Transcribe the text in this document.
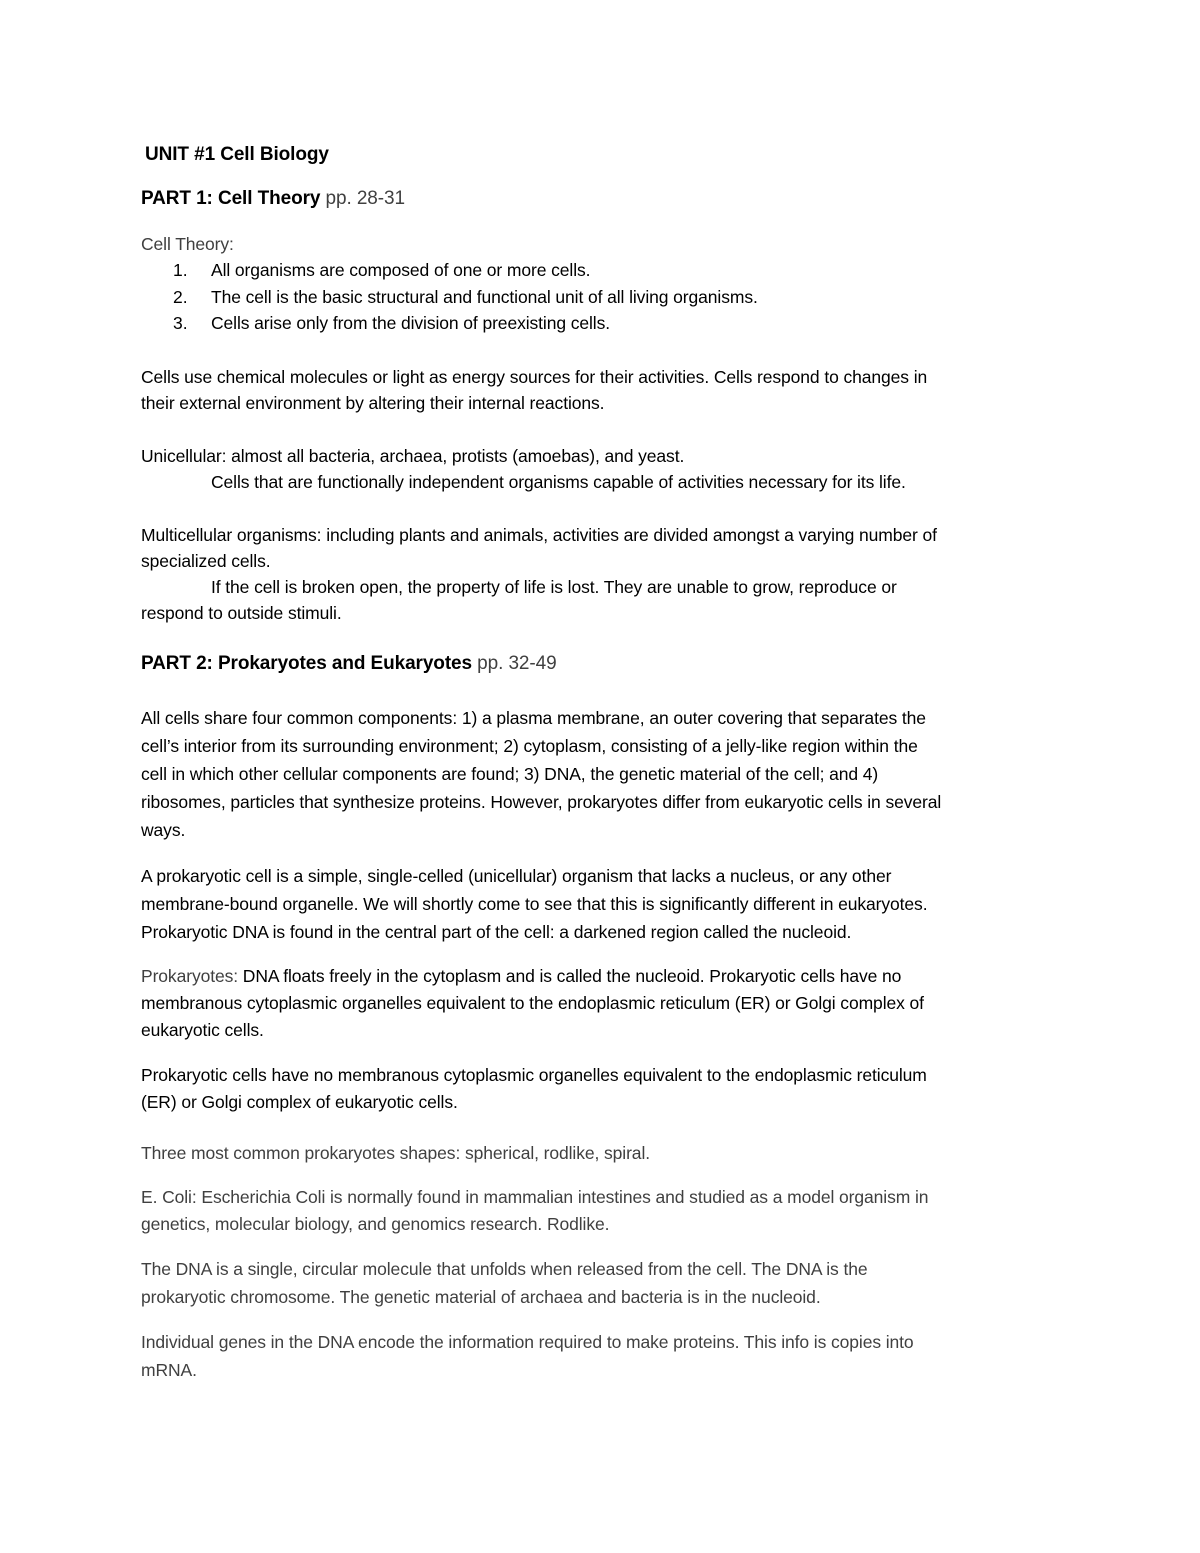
UNIT #1 Cell Biology
PART 1: Cell Theory pp. 28-31
Cell Theory:
1. All organisms are composed of one or more cells.
2. The cell is the basic structural and functional unit of all living organisms.
3. Cells arise only from the division of preexisting cells.
Cells use chemical molecules or light as energy sources for their activities. Cells respond to changes in
their external environment by altering their internal reactions.
Unicellular: almost all bacteria, archaea, protists (amoebas), and yeast.
Cells that are functionally independent organisms capable of activities necessary for its life.
Multicellular organisms: including plants and animals, activities are divided amongst a varying number of
specialized cells.
If the cell is broken open, the property of life is lost. They are unable to grow, reproduce or
respond to outside stimuli.
PART 2: Prokaryotes and Eukaryotes pp. 32-49
All cells share four common components: 1) a plasma membrane, an outer covering that separates the
cell’s interior from its surrounding environment; 2) cytoplasm, consisting of a jelly-like region within the
cell in which other cellular components are found; 3) DNA, the genetic material of the cell; and 4)
ribosomes, particles that synthesize proteins. However, prokaryotes differ from eukaryotic cells in several
ways.
A prokaryotic cell is a simple, single-celled (unicellular) organism that lacks a nucleus, or any other
membrane-bound organelle. We will shortly come to see that this is significantly different in eukaryotes.
Prokaryotic DNA is found in the central part of the cell: a darkened region called the nucleoid.
Prokaryotes: DNA floats freely in the cytoplasm and is called the nucleoid. Prokaryotic cells have no
membranous cytoplasmic organelles equivalent to the endoplasmic reticulum (ER) or Golgi complex of
eukaryotic cells.
Prokaryotic cells have no membranous cytoplasmic organelles equivalent to the endoplasmic reticulum
(ER) or Golgi complex of eukaryotic cells.
Three most common prokaryotes shapes: spherical, rodlike, spiral.
E. Coli: Escherichia Coli is normally found in mammalian intestines and studied as a model organism in
genetics, molecular biology, and genomics research. Rodlike.
The DNA is a single, circular molecule that unfolds when released from the cell. The DNA is the
prokaryotic chromosome. The genetic material of archaea and bacteria is in the nucleoid.
Individual genes in the DNA encode the information required to make proteins. This info is copies into
mRNA.
